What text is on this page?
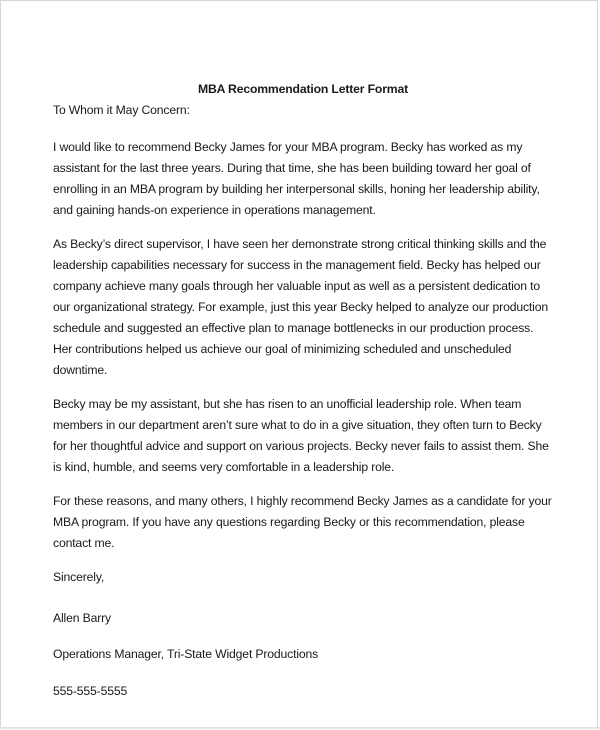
MBA Recommendation Letter Format

To Whom it May Concern:

I would like to recommend Becky James for your MBA program. Becky has worked as my assistant for the last three years. During that time, she has been building toward her goal of enrolling in an MBA program by building her interpersonal skills, honing her leadership ability, and gaining hands-on experience in operations management.

As Becky’s direct supervisor, I have seen her demonstrate strong critical thinking skills and the leadership capabilities necessary for success in the management field. Becky has helped our company achieve many goals through her valuable input as well as a persistent dedication to our organizational strategy. For example, just this year Becky helped to analyze our production schedule and suggested an effective plan to manage bottlenecks in our production process. Her contributions helped us achieve our goal of minimizing scheduled and unscheduled downtime.

Becky may be my assistant, but she has risen to an unofficial leadership role. When team members in our department aren’t sure what to do in a give situation, they often turn to Becky for her thoughtful advice and support on various projects. Becky never fails to assist them. She is kind, humble, and seems very comfortable in a leadership role.

For these reasons, and many others, I highly recommend Becky James as a candidate for your MBA program. If you have any questions regarding Becky or this recommendation, please contact me.

Sincerely,

Allen Barry

Operations Manager, Tri-State Widget Productions

555-555-5555
